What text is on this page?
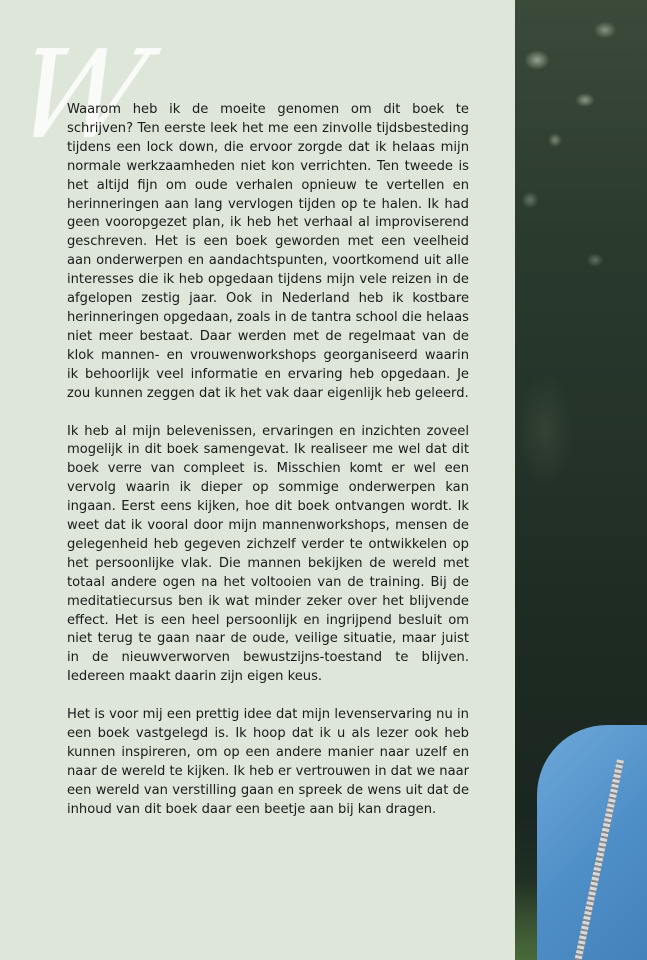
W

Waarom heb ik de moeite genomen om dit boek te schrijven? Ten eerste leek het me een zinvolle tijdsbesteding tijdens een lock down, die ervoor zorgde dat ik helaas mijn normale werkzaamheden niet kon verrichten. Ten tweede is het altijd fijn om oude verhalen opnieuw te vertellen en herinneringen aan lang vervlogen tijden op te halen. Ik had geen vooropgezet plan, ik heb het verhaal al improviserend geschreven. Het is een boek geworden met een veelheid aan onderwerpen en aandachtspunten, voortkomend uit alle interesses die ik heb opgedaan tijdens mijn vele reizen in de afgelopen zestig jaar. Ook in Nederland heb ik kostbare herinneringen opgedaan, zoals in de tantra school die helaas niet meer bestaat. Daar werden met de regelmaat van de klok mannen- en vrouwenworkshops georganiseerd waarin ik behoorlijk veel informatie en ervaring heb opgedaan. Je zou kunnen zeggen dat ik het vak daar eigenlijk heb geleerd.

Ik heb al mijn belevenissen, ervaringen en inzichten zoveel mogelijk in dit boek samengevat. Ik realiseer me wel dat dit boek verre van compleet is. Misschien komt er wel een vervolg waarin ik dieper op sommige onderwerpen kan ingaan. Eerst eens kijken, hoe dit boek ontvangen wordt. Ik weet dat ik vooral door mijn mannenworkshops, mensen de gelegenheid heb gegeven zichzelf verder te ontwikkelen op het persoonlijke vlak. Die mannen bekijken de wereld met totaal andere ogen na het voltooien van de training. Bij de meditatiecursus ben ik wat minder zeker over het blijvende effect. Het is een heel persoonlijk en ingrijpend besluit om niet terug te gaan naar de oude, veilige situatie, maar juist in de nieuwverworven bewustzijns-toestand te blijven. Iedereen maakt daarin zijn eigen keus.

Het is voor mij een prettig idee dat mijn levenservaring nu in een boek vastgelegd is. Ik hoop dat ik u als lezer ook heb kunnen inspireren, om op een andere manier naar uzelf en naar de wereld te kijken. Ik heb er vertrouwen in dat we naar een wereld van verstilling gaan en spreek de wens uit dat de inhoud van dit boek daar een beetje aan bij kan dragen.
